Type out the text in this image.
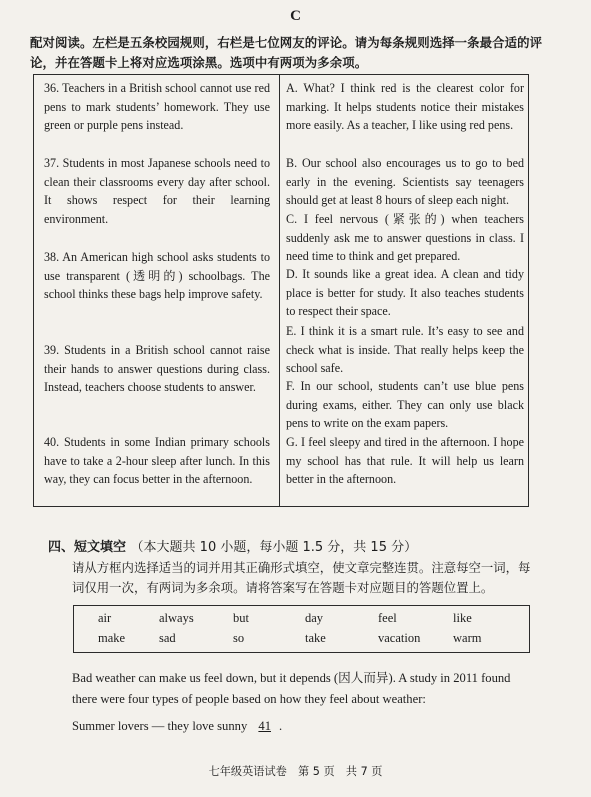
C
配对阅读。左栏是五条校园规则，右栏是七位网友的评论。请为每条规则选择一条最合适的评论，并在答题卡上将对应选项涂黑。选项中有两项为多余项。
36. Teachers in a British school cannot use red pens to mark students’ homework. They use green or purple pens instead.
37. Students in most Japanese schools need to clean their classrooms every day after school. It shows respect for their learning environment.
38. An American high school asks students to use transparent (透明的) schoolbags. The school thinks these bags help improve safety.
39. Students in a British school cannot raise their hands to answer questions during class. Instead, teachers choose students to answer.
40. Students in some Indian primary schools have to take a 2-hour sleep after lunch. In this way, they can focus better in the afternoon.
A. What? I think red is the clearest color for marking. It helps students notice their mistakes more easily. As a teacher, I like using red pens.
B. Our school also encourages us to go to bed early in the evening. Scientists say teenagers should get at least 8 hours of sleep each night.
C. I feel nervous (紧张的) when teachers suddenly ask me to answer questions in class. I need time to think and get prepared.
D. It sounds like a great idea. A clean and tidy place is better for study. It also teaches students to respect their space.
E. I think it is a smart rule. It’s easy to see and check what is inside. That really helps keep the school safe.
F. In our school, students can’t use blue pens during exams, either. They can only use black pens to write on the exam papers.
G. I feel sleepy and tired in the afternoon. I hope my school has that rule. It will help us learn better in the afternoon.
四、短文填空 （本大题共 10 小题，每小题 1.5 分，共 15 分）
请从方框内选择适当的词并用其正确形式填空，使文章完整连贯。注意每空一词，每词仅用一次，有两词为多余项。请将答案写在答题卡对应题目的答题位置上。
air	always	but	day	feel	like
make	sad	so	take	vacation	warm

Bad weather can make us feel down, but it depends (因人而异). A study in 2011 found there were four types of people based on how they feel about weather:

Summer lovers — they love sunny 41 .

七年级英语试卷　第 5 页　共 7 页
